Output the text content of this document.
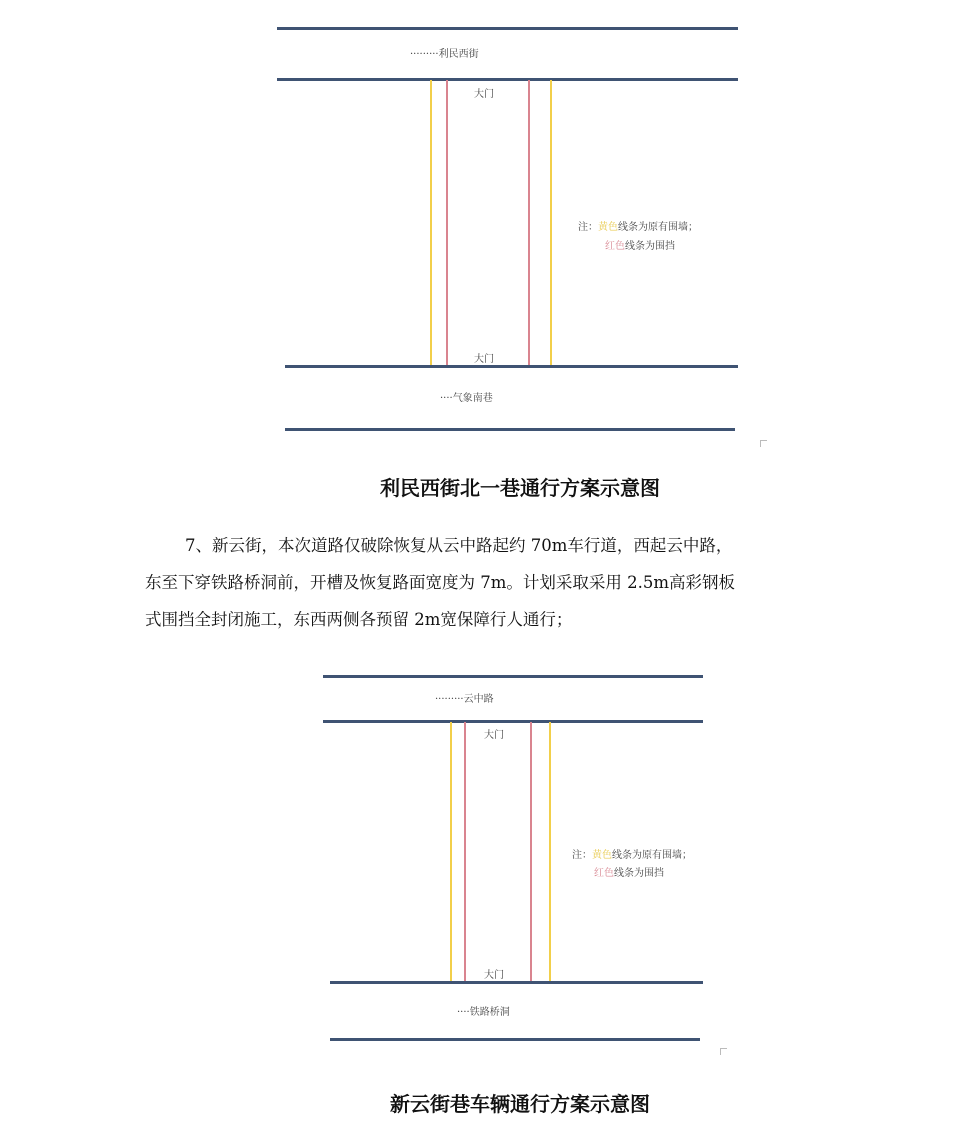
·········利民西街
大门
大门
注：黄色线条为原有围墙；
红色线条为围挡
····气象南巷
利民西街北一巷通行方案示意图
7、新云街，本次道路仅破除恢复从云中路起约 70m车行道，西起云中路，
东至下穿铁路桥洞前，开槽及恢复路面宽度为 7m。计划采取采用 2.5m高彩钢板
式围挡全封闭施工，东西两侧各预留 2m宽保障行人通行；
·········云中路
大门
大门
注：黄色线条为原有围墙；
红色线条为围挡
····铁路桥洞
新云街巷车辆通行方案示意图
